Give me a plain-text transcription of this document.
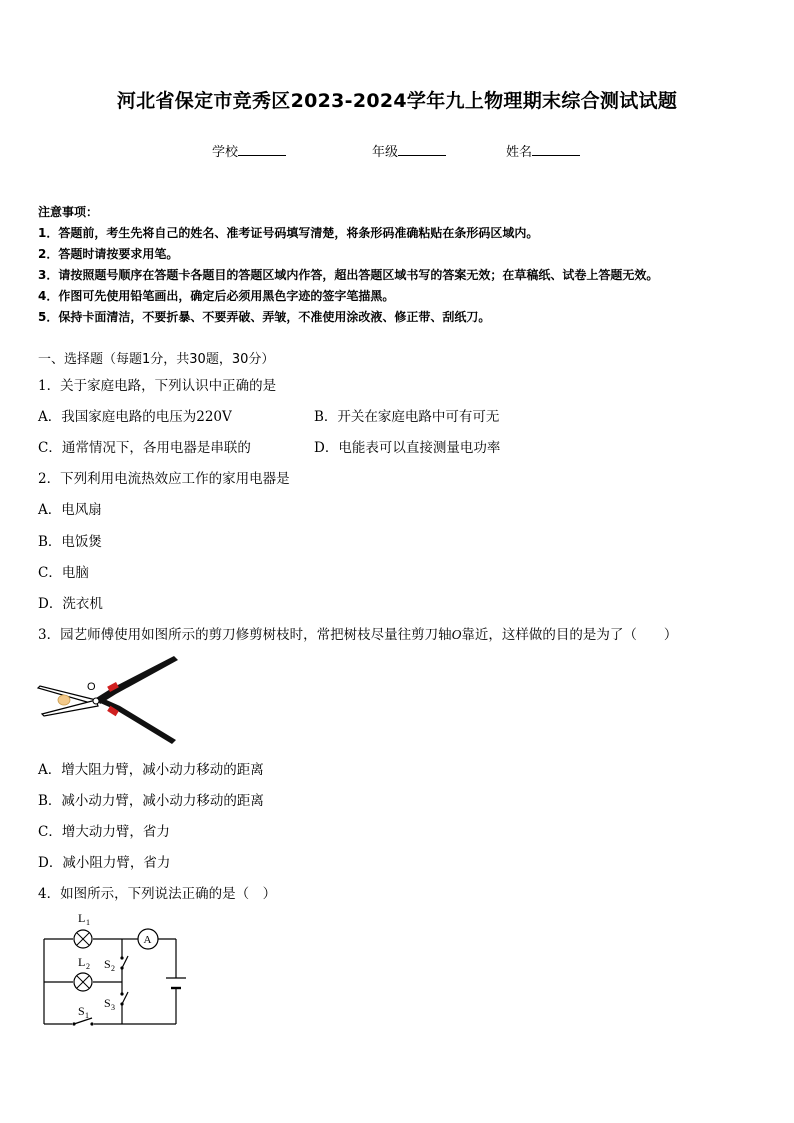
河北省保定市竞秀区2023-2024学年九上物理期末综合测试试题
学校	年级	姓名
注意事项：
1．答题前，考生先将自己的姓名、准考证号码填写清楚，将条形码准确粘贴在条形码区域内。
2．答题时请按要求用笔。
3．请按照题号顺序在答题卡各题目的答题区域内作答，超出答题区域书写的答案无效；在草稿纸、试卷上答题无效。
4．作图可先使用铅笔画出，确定后必须用黑色字迹的签字笔描黑。
5．保持卡面清洁，不要折暴、不要弄破、弄皱，不准使用涂改液、修正带、刮纸刀。
一、选择题（每题1分，共30题，30分）
1．关于家庭电路，下列认识中正确的是
A．我国家庭电路的电压为220V	B．开关在家庭电路中可有可无
C．通常情况下，各用电器是串联的	D．电能表可以直接测量电功率
2．下列利用电流热效应工作的家用电器是
A．电风扇
B．电饭煲
C．电脑
D．洗衣机
3．园艺师傅使用如图所示的剪刀修剪树枝时，常把树枝尽量往剪刀轴O靠近，这样做的目的是为了（　　）
O
A．增大阻力臂，减小动力移动的距离
B．减小动力臂，减小动力移动的距离
C．增大动力臂，省力
D．减小阻力臂，省力
4．如图所示，下列说法正确的是（　）
L 1
L 2
A
S 2
S 3
S 1
